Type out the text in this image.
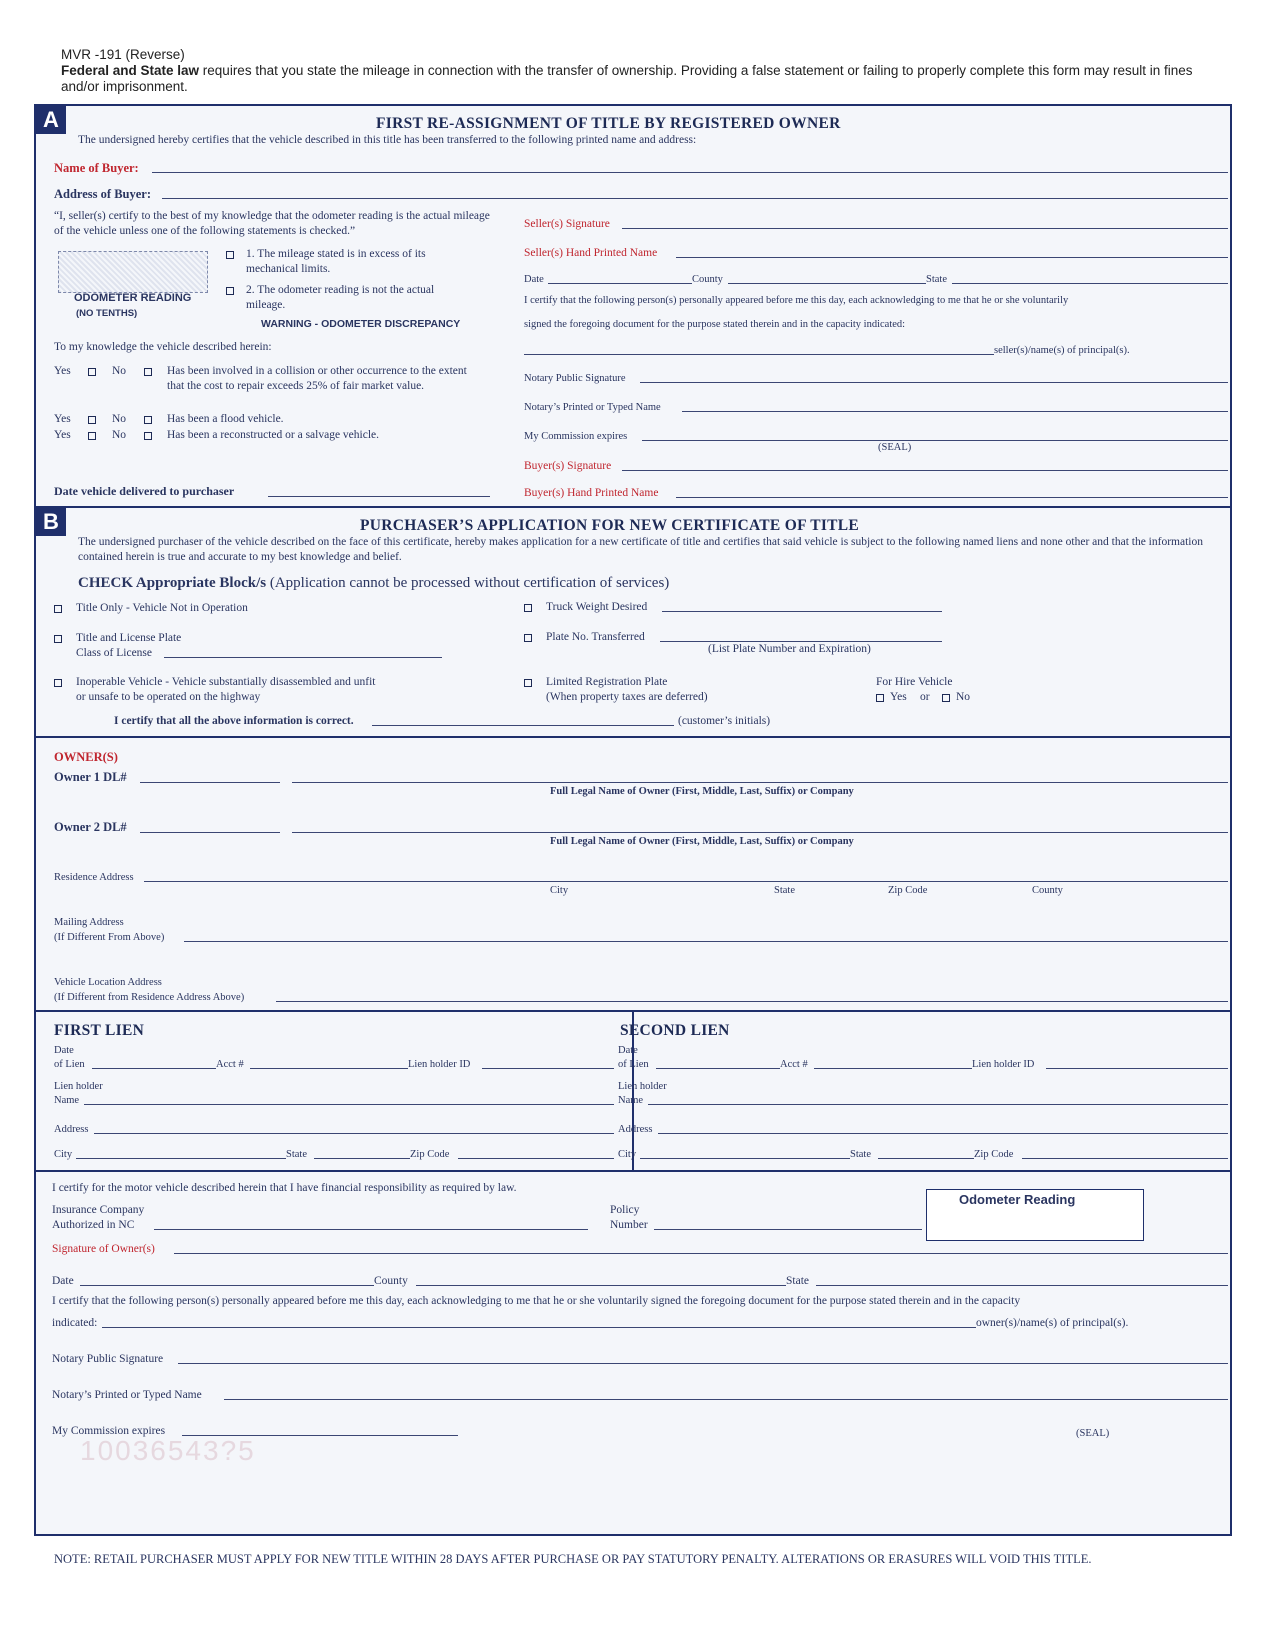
MVR -191 (Reverse)
Federal and State law requires that you state the mileage in connection with the transfer of ownership. Providing a false statement or failing to properly complete this form may result in fines and/or imprisonment.
A	FIRST RE-ASSIGNMENT OF TITLE BY REGISTERED OWNER
The undersigned hereby certifies that the vehicle described in this title has been transferred to the following printed name and address:
Name of Buyer:
Address of Buyer:
“I, seller(s) certify to the best of my knowledge that the odometer reading is the actual mileage of the vehicle unless one of the following statements is checked.”
ODOMETER READING
(NO TENTHS)
1. The mileage stated is in excess of its mechanical limits.
2. The odometer reading is not the actual mileage.
WARNING - ODOMETER DISCREPANCY
To my knowledge the vehicle described herein:
Yes	No	Has been involved in a collision or other occurrence to the extent that the cost to repair exceeds 25% of fair market value.
Yes	No	Has been a flood vehicle.
Yes	No	Has been a reconstructed or a salvage vehicle.
Date vehicle delivered to purchaser
Seller(s) Signature
Seller(s) Hand Printed Name
Date	County	State
I certify that the following person(s) personally appeared before me this day, each acknowledging to me that he or she voluntarily
signed the foregoing document for the purpose stated therein and in the capacity indicated:
seller(s)/name(s) of principal(s).
Notary Public Signature
Notary’s Printed or Typed Name
My Commission expires
(SEAL)
Buyer(s) Signature
Buyer(s) Hand Printed Name
B	PURCHASER’S APPLICATION FOR NEW CERTIFICATE OF TITLE
The undersigned purchaser of the vehicle described on the face of this certificate, hereby makes application for a new certificate of title and certifies that said vehicle is subject to the following named liens and none other and that the information contained herein is true and accurate to my best knowledge and belief.
CHECK Appropriate Block/s (Application cannot be processed without certification of services)
Title Only - Vehicle Not in Operation
Title and License Plate
Class of License
Inoperable Vehicle - Vehicle substantially disassembled and unfit
or unsafe to be operated on the highway
Truck Weight Desired
Plate No. Transferred
(List Plate Number and Expiration)
Limited Registration Plate
(When property taxes are deferred)
For Hire Vehicle
Yes or No
I certify that all the above information is correct.	(customer’s initials)
OWNER(S)
Owner 1 DL#
Full Legal Name of Owner (First, Middle, Last, Suffix) or Company
Owner 2 DL#
Full Legal Name of Owner (First, Middle, Last, Suffix) or Company
Residence Address
City	State	Zip Code	County
Mailing Address
(If Different From Above)
Vehicle Location Address
(If Different from Residence Address Above)
FIRST LIEN
Date
of Lien	Acct #	Lien holder ID
Lien holder
Name
Address
City	State	Zip Code
SECOND LIEN
Date
of Lien	Acct #	Lien holder ID
Lien holder
Name
Address
City	State	Zip Code
I certify for the motor vehicle described herein that I have financial responsibility as required by law.
Insurance Company
Authorized in NC
Policy
Number
Odometer Reading
Signature of Owner(s)
Date	County	State
I certify that the following person(s) personally appeared before me this day, each acknowledging to me that he or she voluntarily signed the foregoing document for the purpose stated therein and in the capacity
indicated:	owner(s)/name(s) of principal(s).
Notary Public Signature
Notary’s Printed or Typed Name
My Commission expires	(SEAL)
10036543?5
NOTE: RETAIL PURCHASER MUST APPLY FOR NEW TITLE WITHIN 28 DAYS AFTER PURCHASE OR PAY STATUTORY PENALTY. ALTERATIONS OR ERASURES WILL VOID THIS TITLE.
